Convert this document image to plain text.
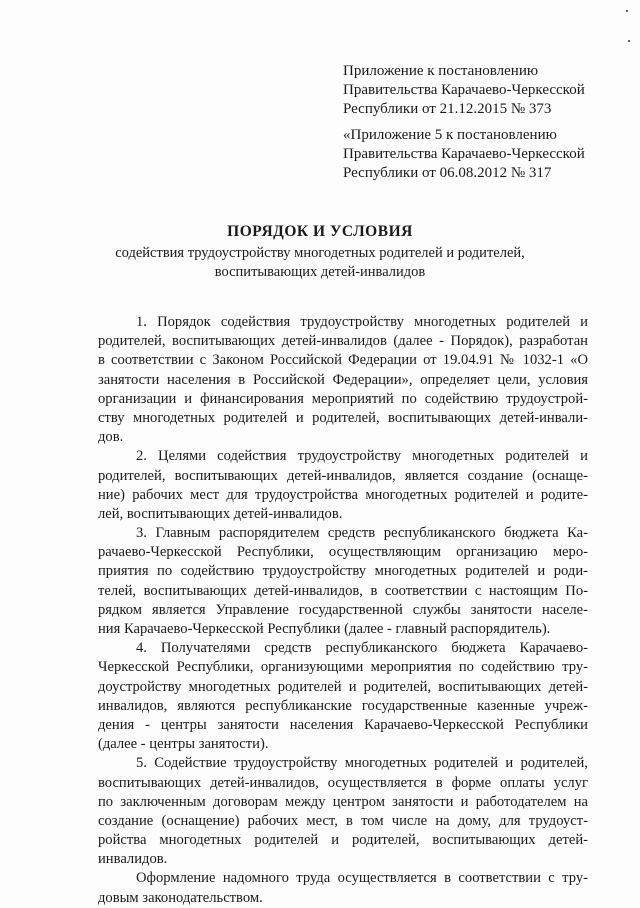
Приложение к постановлению
Правительства Карачаево-Черкесской
Республики от 21.12.2015 № 373
«Приложение 5 к постановлению
Правительства Карачаево-Черкесской
Республики от 06.08.2012 № 317
ПОРЯДОК И УСЛОВИЯ
содействия трудоустройству многодетных родителей и родителей,
воспитывающих детей-инвалидов
1. Порядок содействия трудоустройству многодетных родителей и
родителей, воспитывающих детей-инвалидов (далее - Порядок), разработан
в соответствии с Законом Российской Федерации от 19.04.91 № 1032-1 «О
занятости населения в Российской Федерации», определяет цели, условия
организации и финансирования мероприятий по содействию трудоустрой-
ству многодетных родителей и родителей, воспитывающих детей-инвали-
дов.
2. Целями содействия трудоустройству многодетных родителей и
родителей, воспитывающих детей-инвалидов, является создание (оснаще-
ние) рабочих мест для трудоустройства многодетных родителей и родите-
лей, воспитывающих детей-инвалидов.
3. Главным распорядителем средств республиканского бюджета Ка-
рачаево-Черкесской Республики, осуществляющим организацию меро-
приятия по содействию трудоустройству многодетных родителей и роди-
телей, воспитывающих детей-инвалидов, в соответствии с настоящим По-
рядком является Управление государственной службы занятости населе-
ния Карачаево-Черкесской Республики (далее - главный распорядитель).
4. Получателями средств республиканского бюджета Карачаево-
Черкесской Республики, организующими мероприятия по содействию тру-
доустройству многодетных родителей и родителей, воспитывающих детей-
инвалидов, являются республиканские государственные казенные учреж-
дения - центры занятости населения Карачаево-Черкесской Республики
(далее - центры занятости).
5. Содействие трудоустройству многодетных родителей и родителей,
воспитывающих детей-инвалидов, осуществляется в форме оплаты услуг
по заключенным договорам между центром занятости и работодателем на
создание (оснащение) рабочих мест, в том числе на дому, для трудоуст-
ройства многодетных родителей и родителей, воспитывающих детей-
инвалидов.
Оформление надомного труда осуществляется в соответствии с тру-
довым законодательством.
